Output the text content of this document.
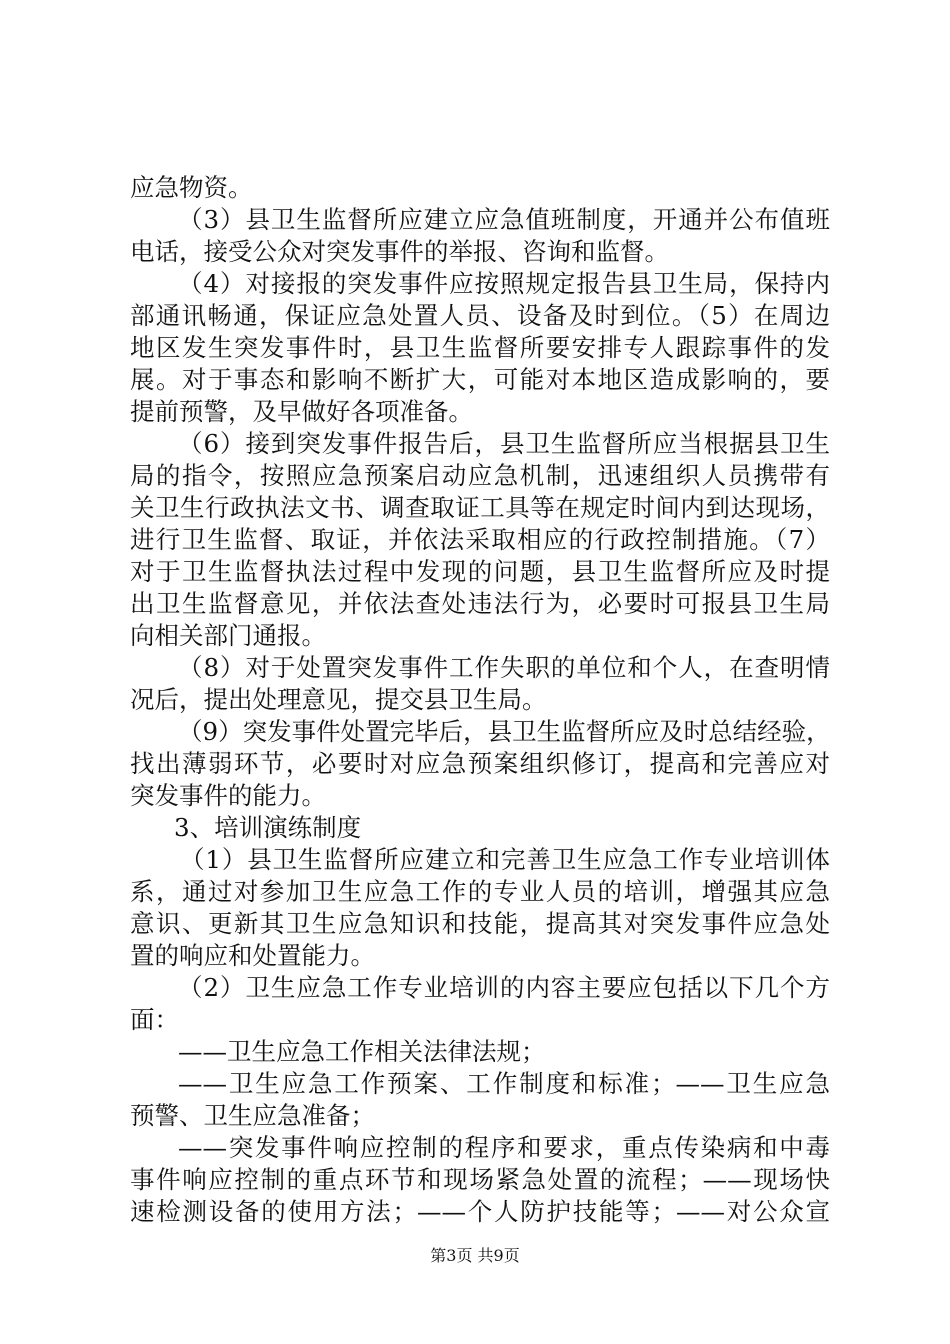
应急物资。
（3）县卫生监督所应建立应急值班制度，开通并公布值班
电话，接受公众对突发事件的举报、咨询和监督。
（4）对接报的突发事件应按照规定报告县卫生局，保持内
部通讯畅通，保证应急处置人员、设备及时到位。（5）在周边
地区发生突发事件时，县卫生监督所要安排专人跟踪事件的发
展。对于事态和影响不断扩大，可能对本地区造成影响的，要
提前预警，及早做好各项准备。
（6）接到突发事件报告后，县卫生监督所应当根据县卫生
局的指令，按照应急预案启动应急机制，迅速组织人员携带有
关卫生行政执法文书、调查取证工具等在规定时间内到达现场，
进行卫生监督、取证，并依法采取相应的行政控制措施。（7）
对于卫生监督执法过程中发现的问题，县卫生监督所应及时提
出卫生监督意见，并依法查处违法行为，必要时可报县卫生局
向相关部门通报。
（8）对于处置突发事件工作失职的单位和个人，在查明情
况后，提出处理意见，提交县卫生局。
（9）突发事件处置完毕后，县卫生监督所应及时总结经验，
找出薄弱环节，必要时对应急预案组织修订，提高和完善应对
突发事件的能力。
3、培训演练制度
（1）县卫生监督所应建立和完善卫生应急工作专业培训体
系，通过对参加卫生应急工作的专业人员的培训，增强其应急
意识、更新其卫生应急知识和技能，提高其对突发事件应急处
置的响应和处置能力。
（2）卫生应急工作专业培训的内容主要应包括以下几个方
面：
——卫生应急工作相关法律法规；
——卫生应急工作预案、工作制度和标准；——卫生应急
预警、卫生应急准备；
——突发事件响应控制的程序和要求，重点传染病和中毒
事件响应控制的重点环节和现场紧急处置的流程；——现场快
速检测设备的使用方法；——个人防护技能等；——对公众宣
第3页 共9页
